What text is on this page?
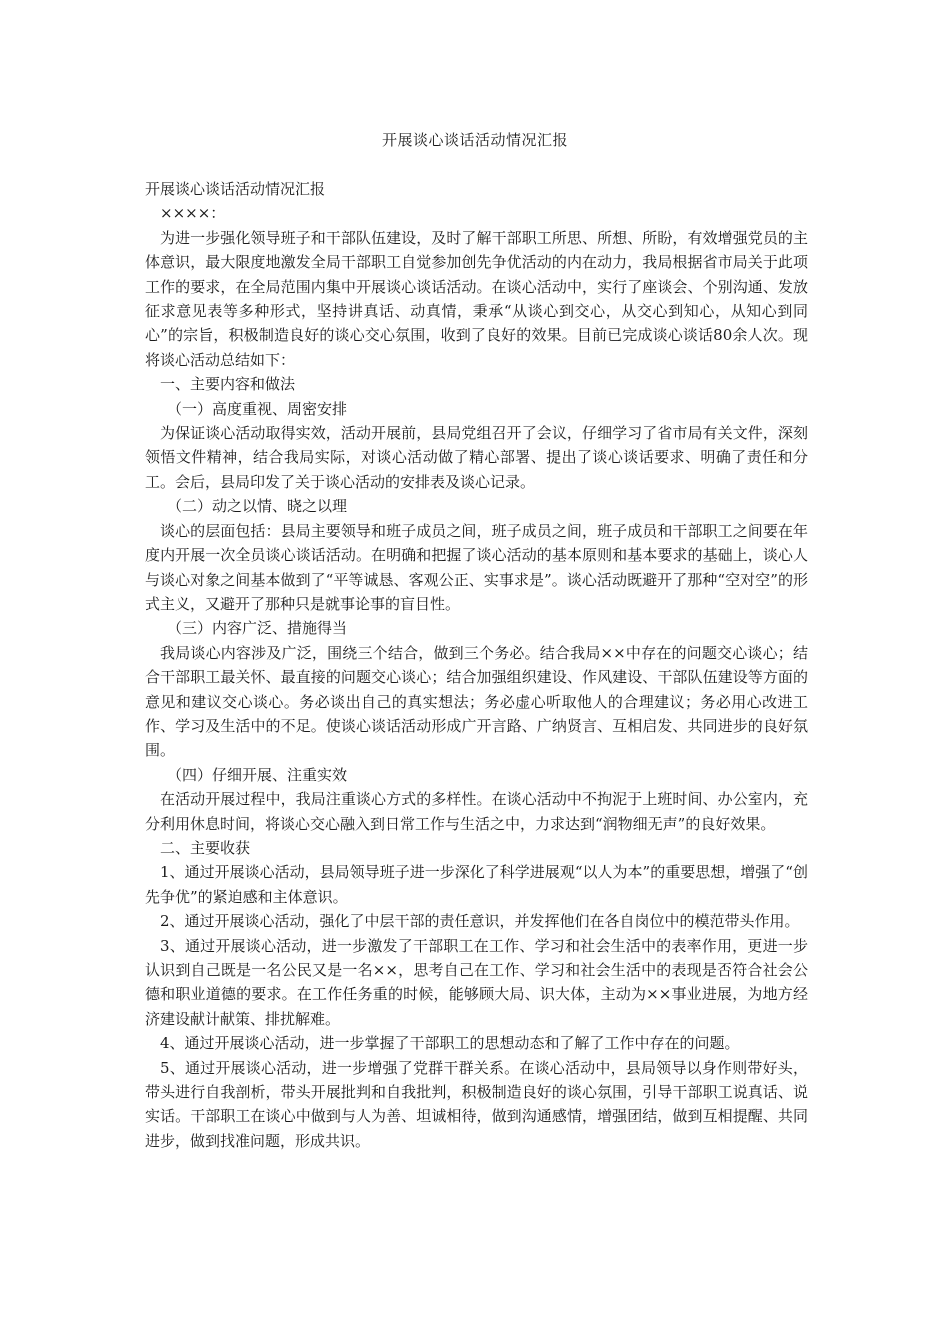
开展谈心谈话活动情况汇报

开展谈心谈话活动情况汇报

××××：

为进一步强化领导班子和干部队伍建设，及时了解干部职工所思、所想、所盼，有效增强党员的主体意识，最大限度地激发全局干部职工自觉参加创先争优活动的内在动力，我局根据省市局关于此项工作的要求，在全局范围内集中开展谈心谈话活动。在谈心活动中，实行了座谈会、个别沟通、发放征求意见表等多种形式，坚持讲真话、动真情，秉承“从谈心到交心，从交心到知心，从知心到同心”的宗旨，积极制造良好的谈心交心氛围，收到了良好的效果。目前已完成谈心谈话80余人次。现将谈心活动总结如下：

一、主要内容和做法

（一）高度重视、周密安排

为保证谈心活动取得实效，活动开展前，县局党组召开了会议，仔细学习了省市局有关文件，深刻领悟文件精神，结合我局实际，对谈心活动做了精心部署、提出了谈心谈话要求、明确了责任和分工。会后，县局印发了关于谈心活动的安排表及谈心记录。

（二）动之以情、晓之以理

谈心的层面包括：县局主要领导和班子成员之间，班子成员之间，班子成员和干部职工之间要在年度内开展一次全员谈心谈话活动。在明确和把握了谈心活动的基本原则和基本要求的基础上，谈心人与谈心对象之间基本做到了“平等诚恳、客观公正、实事求是”。谈心活动既避开了那种“空对空”的形式主义，又避开了那种只是就事论事的盲目性。

（三）内容广泛、措施得当

我局谈心内容涉及广泛，围绕三个结合，做到三个务必。结合我局××中存在的问题交心谈心；结合干部职工最关怀、最直接的问题交心谈心；结合加强组织建设、作风建设、干部队伍建设等方面的意见和建议交心谈心。务必谈出自己的真实想法；务必虚心听取他人的合理建议；务必用心改进工作、学习及生活中的不足。使谈心谈话活动形成广开言路、广纳贤言、互相启发、共同进步的良好氛围。

（四）仔细开展、注重实效

在活动开展过程中，我局注重谈心方式的多样性。在谈心活动中不拘泥于上班时间、办公室内，充分利用休息时间，将谈心交心融入到日常工作与生活之中，力求达到“润物细无声”的良好效果。

二、主要收获

1、通过开展谈心活动，县局领导班子进一步深化了科学进展观“以人为本”的重要思想，增强了“创先争优”的紧迫感和主体意识。

2、通过开展谈心活动，强化了中层干部的责任意识，并发挥他们在各自岗位中的模范带头作用。

3、通过开展谈心活动，进一步激发了干部职工在工作、学习和社会生活中的表率作用，更进一步认识到自己既是一名公民又是一名××，思考自己在工作、学习和社会生活中的表现是否符合社会公德和职业道德的要求。在工作任务重的时候，能够顾大局、识大体，主动为××事业进展，为地方经济建设献计献策、排扰解难。

4、通过开展谈心活动，进一步掌握了干部职工的思想动态和了解了工作中存在的问题。

5、通过开展谈心活动，进一步增强了党群干群关系。在谈心活动中，县局领导以身作则带好头，带头进行自我剖析，带头开展批判和自我批判，积极制造良好的谈心氛围，引导干部职工说真话、说实话。干部职工在谈心中做到与人为善、坦诚相待，做到沟通感情，增强团结，做到互相提醒、共同进步，做到找准问题，形成共识。
